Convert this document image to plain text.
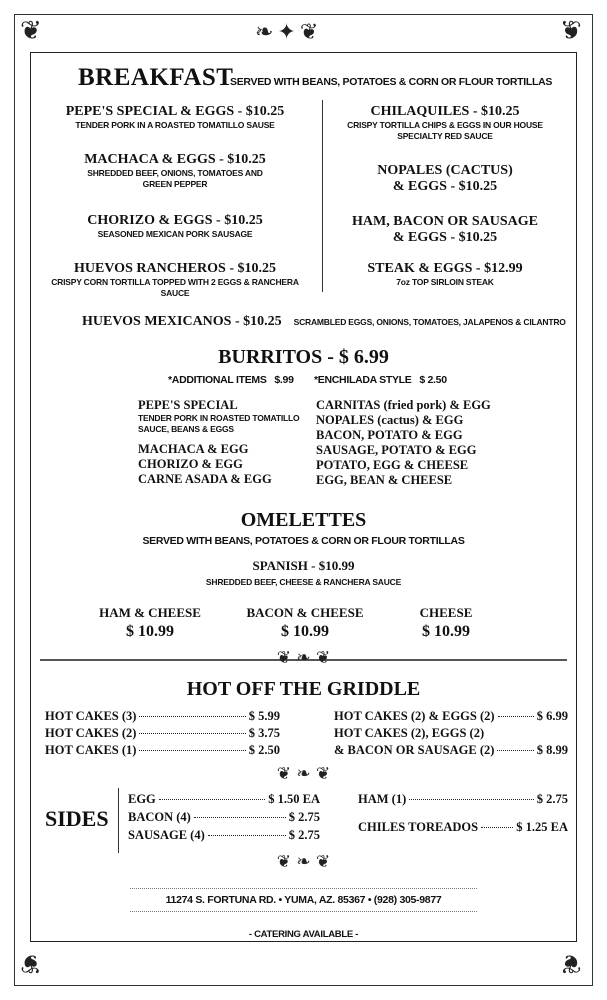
❦	❦
❦	❦
❧✦❦
BREAKFAST
SERVED WITH BEANS, POTATOES & CORN OR FLOUR TORTILLAS
PEPE'S SPECIAL & EGGS - $10.25
TENDER PORK IN A ROASTED TOMATILLO SAUSE
MACHACA & EGGS - $10.25
SHREDDED BEEF, ONIONS, TOMATOES AND
GREEN PEPPER
CHORIZO & EGGS - $10.25
SEASONED MEXICAN PORK SAUSAGE
HUEVOS RANCHEROS - $10.25
CRISPY CORN TORTILLA TOPPED WITH 2 EGGS & RANCHERA SAUCE
CHILAQUILES - $10.25
CRISPY TORTILLA CHIPS & EGGS IN OUR HOUSE
SPECIALTY RED SAUCE
NOPALES (CACTUS)
& EGGS - $10.25
HAM, BACON OR SAUSAGE
& EGGS - $10.25
STEAK & EGGS - $12.99
7oz TOP SIRLOIN STEAK
HUEVOS MEXICANOS - $10.25 SCRAMBLED EGGS, ONIONS, TOMATOES, JALAPENOS & CILANTRO
BURRITOS - $ 6.99
*ADDITIONAL ITEMS   $.99 *ENCHILADA STYLE   $ 2.50
PEPE'S SPECIAL
TENDER PORK IN ROASTED TOMATILLO
SAUCE, BEANS & EGGS
MACHACA & EGG
CHORIZO & EGG
CARNE ASADA & EGG
CARNITAS (fried pork) & EGG
NOPALES (cactus) & EGG
BACON, POTATO & EGG
SAUSAGE, POTATO & EGG
POTATO, EGG & CHEESE
EGG, BEAN & CHEESE
OMELETTES
SERVED WITH BEANS, POTATOES & CORN OR FLOUR TORTILLAS
SPANISH - $10.99
SHREDDED BEEF, CHEESE & RANCHERA SAUCE
HAM & CHEESE
$ 10.99
BACON & CHEESE
$ 10.99
CHEESE
$ 10.99
❦ ❧ ❦
HOT OFF THE GRIDDLE
HOT CAKES (3)	$ 5.99
HOT CAKES (2)	$ 3.75
HOT CAKES (1)	$ 2.50
HOT CAKES (2) & EGGS (2)	$ 6.99
HOT CAKES (2), EGGS (2)
& BACON OR SAUSAGE (2)	$ 8.99
❦ ❧ ❦
SIDES
EGG	$ 1.50 EA
BACON (4)	$ 2.75
SAUSAGE (4)	$ 2.75
HAM (1)	$ 2.75
CHILES TOREADOS	$ 1.25 EA
❦ ❧ ❦
11274 S. FORTUNA RD. • YUMA, AZ. 85367 • (928) 305-9877
- CATERING AVAILABLE -
